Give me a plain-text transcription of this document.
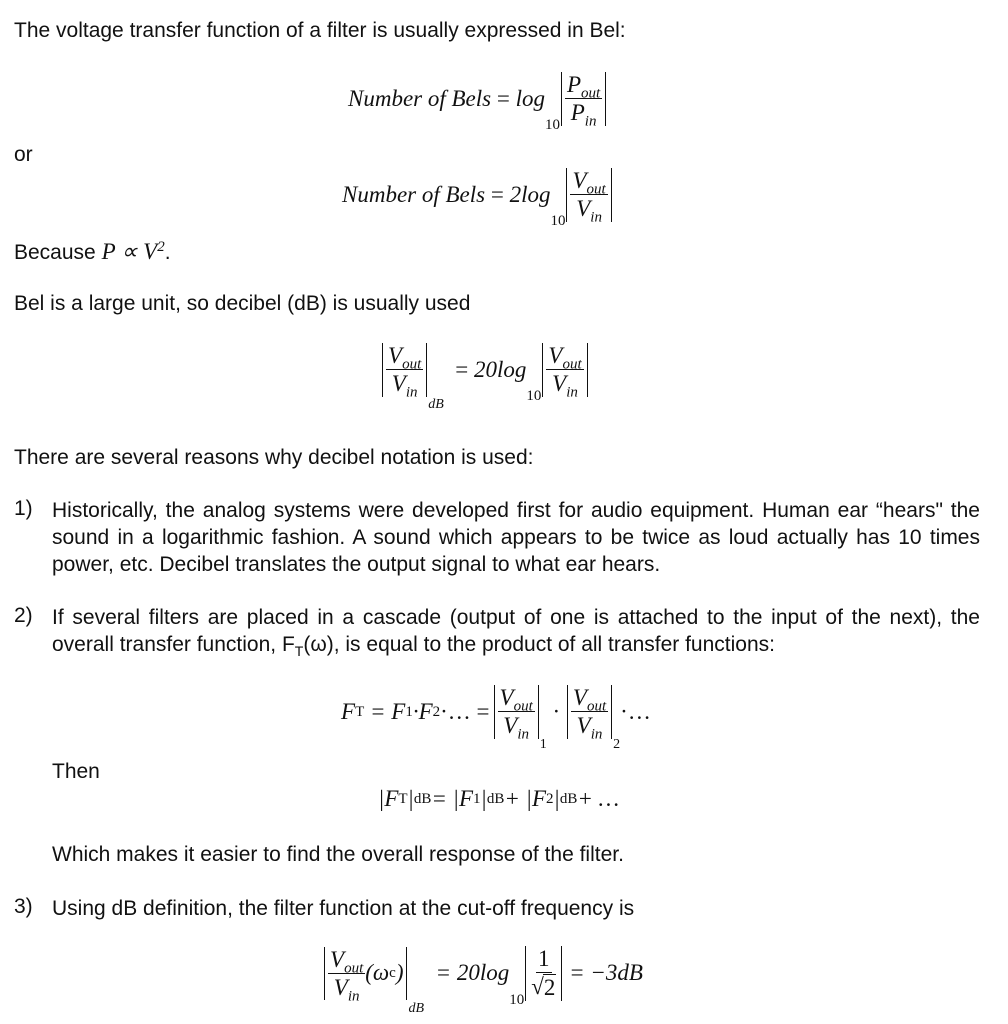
The voltage transfer function of a filter is usually expressed in Bel:
Number of Bels = log
$10 \frac{P_{out}}{P_{in}}$
or
Number of Bels = 2log
$10 \frac{V_{out}}{V_{in}}$
Because $P \propto V^2$.
Bel is a large unit, so decibel (dB) is usually used
$\frac{V_{out}}{V_{in}}$
dB
= 20log
$10 \frac{V_{out}}{V_{in}}$
There are several reasons why decibel notation is used:
1) Historically, the analog systems were developed first for audio equipment. Human ear “hears" the sound in a logarithmic fashion. A sound which appears to be twice as loud actually has 10 times power, etc. Decibel translates the output signal to what ear hears.
2) If several filters are placed in a cascade (output of one is attached to the input of the next), the overall transfer function, $F_T(\omega)$, is equal to the product of all transfer functions:
F T
= F 1 ·F 2 ·… = $\frac{V_{out}}{V_{in}}$
1
· $\frac{V_{out}}{V_{in}}$
2
·…
Then
|F T | dB = |F 1 | dB + |F 2 | dB + …
Which makes it easier to find the overall response of the filter.
3) Using dB definition, the filter function at the cut-off frequency is
$\frac{V_{out}}{V_{in}} (\omega$ c )
dB

= 20log
$10 \frac{1}{√ 2}$
= −3dB
